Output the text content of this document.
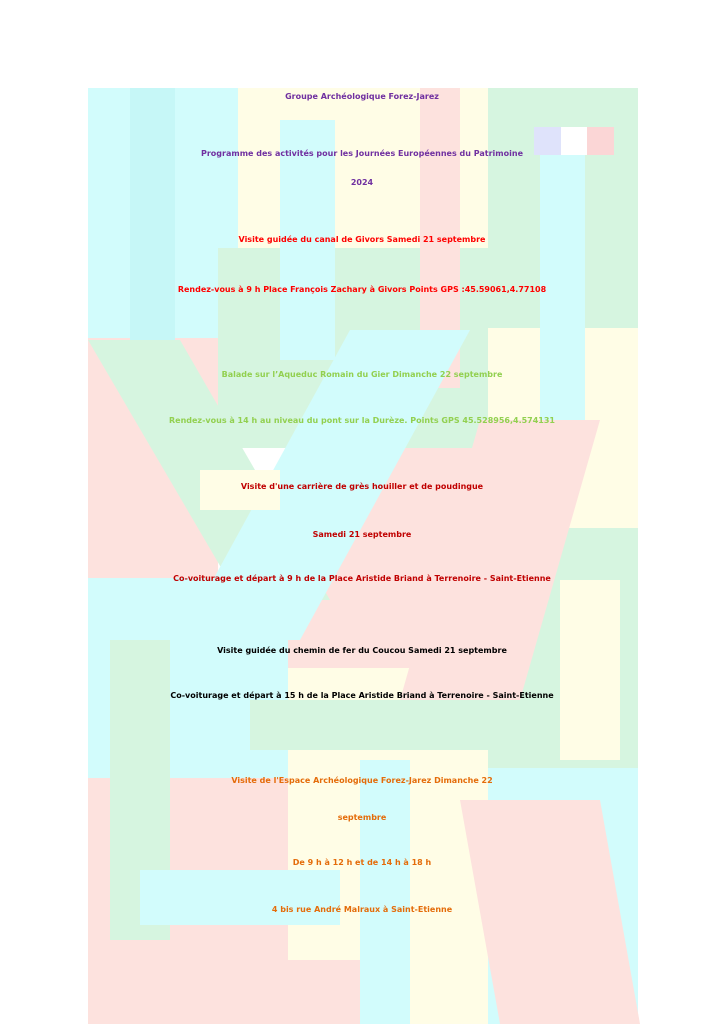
Groupe Archéologique Forez-Jarez
Programme des activités pour les Journées Européennes du Patrimoine
2024
Visite guidée du canal de Givors Samedi 21 septembre
Rendez-vous à 9 h Place François Zachary à Givors Points GPS :45.59061,4.77108
Balade sur l’Aqueduc Romain du Gier Dimanche 22 septembre
Rendez-vous à 14 h au niveau du pont sur la Durèze. Points GPS 45.528956,4.574131
Visite d'une carrière de grès houiller et de poudingue
Samedi 21 septembre
Co-voiturage et départ à 9 h de la Place Aristide Briand à Terrenoire - Saint-Etienne
Visite guidée du chemin de fer du Coucou Samedi 21 septembre
Co-voiturage et départ à 15 h de la Place Aristide Briand à Terrenoire - Saint-Etienne
Visite de l'Espace Archéologique Forez-Jarez Dimanche 22
septembre
De 9 h à 12 h et de 14 h à 18 h
4 bis rue André Malraux à Saint-Etienne
